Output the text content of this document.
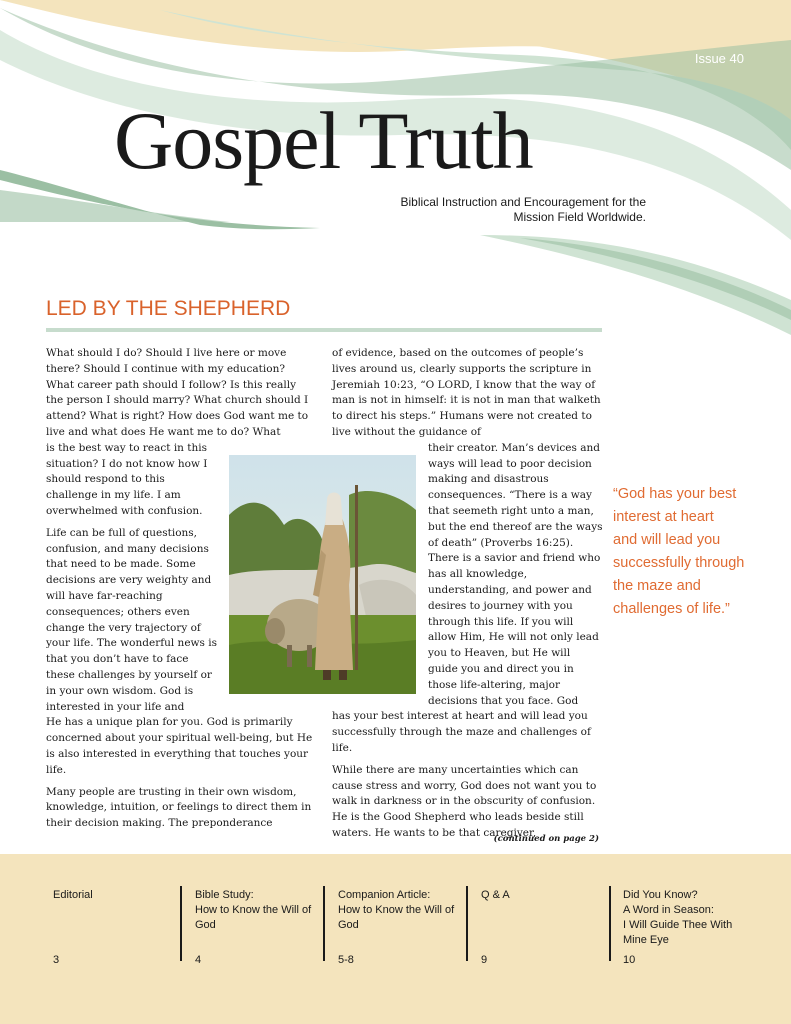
Issue 40
Gospel Truth
Biblical Instruction and Encouragement for the
Mission Field Worldwide.
LED BY THE SHEPHERD

What should I do? Should I live here or move there? Should I continue with my education? What career path should I follow? Is this really the person I should marry? What church should I attend? What is right? How does God want me to live and what does He want me to do? What

is the best way to react in this situation? I do not know how I should respond to this challenge in my life. I am overwhelmed with confusion.

Life can be full of questions, confusion, and many decisions that need to be made. Some decisions are very weighty and will have far-reaching consequences; others even change the very trajectory of your life. The wonderful news is that you don’t have to face these challenges by yourself or in your own wisdom. God is interested in your life and

He has a unique plan for you. God is primarily concerned about your spiritual well-being, but He is also interested in everything that touches your life.

Many people are trusting in their own wisdom, knowledge, intuition, or feelings to direct them in their decision making. The preponderance

of evidence, based on the outcomes of people’s lives around us, clearly supports the scripture in Jeremiah 10:23, “O LORD, I know that the way of man is not in himself: it is not in man that walketh to direct his steps.” Humans were not created to live without the guidance of

their creator. Man’s devices and ways will lead to poor decision making and disastrous consequences. “There is a way that seemeth right unto a man, but the end thereof are the ways of death” (Proverbs 16:25). There is a savior and friend who has all knowledge, understanding, and power and desires to journey with you through this life. If you will allow Him, He will not only lead you to Heaven, but He will guide you and direct you in those life-altering, major decisions that you face. God

has your best interest at heart and will lead you successfully through the maze and challenges of life.

While there are many uncertainties which can cause stress and worry, God does not want you to walk in darkness or in the obscurity of confusion. He is the Good Shepherd who leads beside still waters. He wants to be that caregiver,

(continued on page 2)
“God has your best
interest at heart
and will lead you
successfully through
the maze and
challenges of life.”
Editorial
3
Bible Study:
How to Know the Will of God
4
Companion Article:
How to Know the Will of God
5-8
Q & A
9
Did You Know?
A Word in Season:
I Will Guide Thee With Mine Eye
10
